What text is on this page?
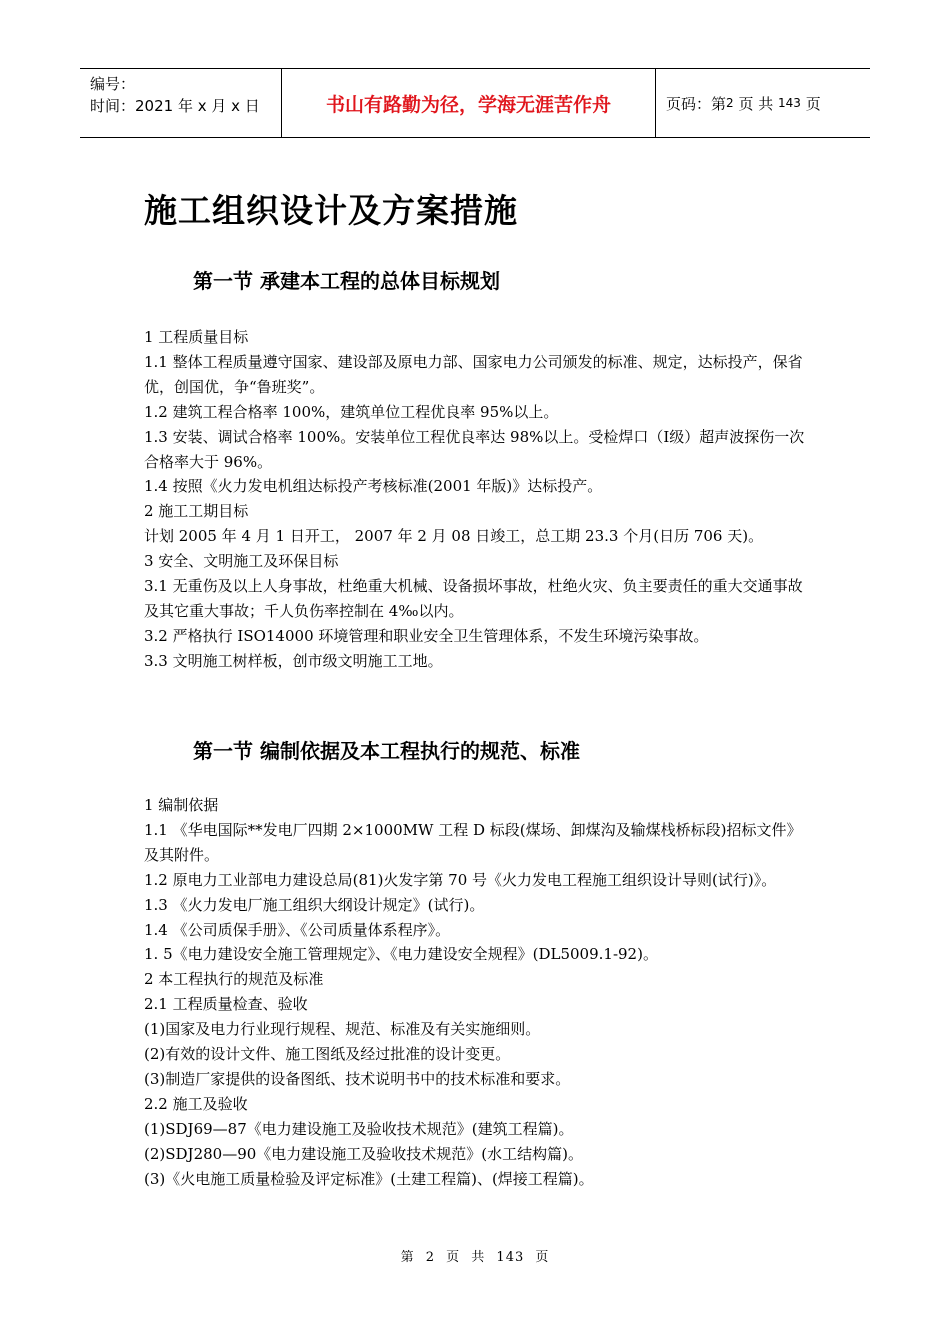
编号：
时间：2021 年 x 月 x 日	书山有路勤为径，学海无涯苦作舟	页码：第 2
页 共
143
页
施工组织设计及方案措施
第一节 承建本工程的总体目标规划

1 工程质量目标

1.1 整体工程质量遵守国家、建设部及原电力部、国家电力公司颁发的标准、规定，达标投产，保省优，创国优，争“鲁班奖”。

1.2 建筑工程合格率 100%，建筑单位工程优良率 95%以上。

1.3 安装、调试合格率 100%。安装单位工程优良率达 98%以上。受检焊口（Ⅰ级）超声波探伤一次合格率大于 96%。

1.4 按照《火力发电机组达标投产考核标准(2001 年版)》达标投产。

2 施工工期目标

计划 2005 年 4 月 1 日开工， 2007 年 2 月 08 日竣工，总工期 23.3 个月(日历 706 天)。

3 安全、文明施工及环保目标

3.1 无重伤及以上人身事故，杜绝重大机械、设备损坏事故，杜绝火灾、负主要责任的重大交通事故及其它重大事故；千人负伤率控制在 4‰以内。

3.2 严格执行 ISO14000 环境管理和职业安全卫生管理体系，不发生环境污染事故。

3.3 文明施工树样板，创市级文明施工工地。

第一节 编制依据及本工程执行的规范、标准

1 编制依据

1.1 《华电国际**发电厂四期 2×1000MW 工程 D 标段(煤场、卸煤沟及输煤栈桥标段)招标文件》及其附件。

1.2 原电力工业部电力建设总局(81)火发字第 70 号《火力发电工程施工组织设计导则(试行)》。

1.3 《火力发电厂施工组织大纲设计规定》(试行)。

1.4 《公司质保手册》、《公司质量体系程序》。

1. 5《电力建设安全施工管理规定》、《电力建设安全规程》(DL5009.1-92)。

2 本工程执行的规范及标准

2.1 工程质量检查、验收

(1)国家及电力行业现行规程、规范、标准及有关实施细则。

(2)有效的设计文件、施工图纸及经过批准的设计变更。

(3)制造厂家提供的设备图纸、技术说明书中的技术标准和要求。

2.2 施工及验收

(1)SDJ69—87《电力建设施工及验收技术规范》(建筑工程篇)。

(2)SDJ280—90《电力建设施工及验收技术规范》(水工结构篇)。

(3)《火电施工质量检验及评定标准》(土建工程篇)、(焊接工程篇)。

第 2 页 共 143 页
